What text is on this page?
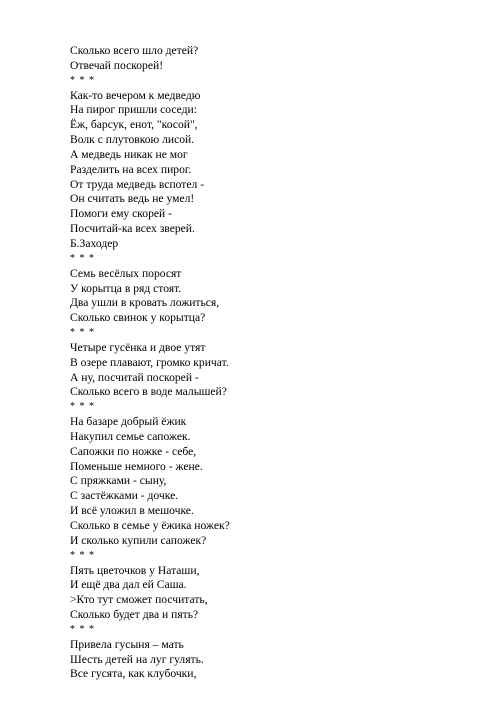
Сколько всего шло детей?
Отвечай поскорей!
* * *
Как-то вечером к медведю
На пирог пришли соседи:
Ёж, барсук, енот, "косой",
Волк с плутовкою лисой.
А медведь никак не мог
Разделить на всех пирог.
От труда медведь вспотел -
Он считать ведь не умел!
Помоги ему скорей -
Посчитай-ка всех зверей.
Б.Заходер
* * *
Семь весёлых поросят
У корытца в ряд стоят.
Два ушли в кровать ложиться,
Сколько свинок у корытца?
* * *
Четыре гусёнка и двое утят
В озере плавают, громко кричат.
А ну, посчитай поскорей -
Сколько всего в воде малышей?
* * *
На базаре добрый ёжик
Накупил семье сапожек.
Сапожки по ножке - себе,
Поменьше немного - жене.
С пряжками - сыну,
С застёжками - дочке.
И всё уложил в мешочке.
Сколько в семье у ёжика ножек?
И сколько купили сапожек?
* * *
Пять цветочков у Наташи,
И ещё два дал ей Саша.
>Кто тут сможет посчитать,
Сколько будет два и пять?
* * *
Привела гусыня – мать
Шесть детей на луг гулять.
Все гусята, как клубочки,
